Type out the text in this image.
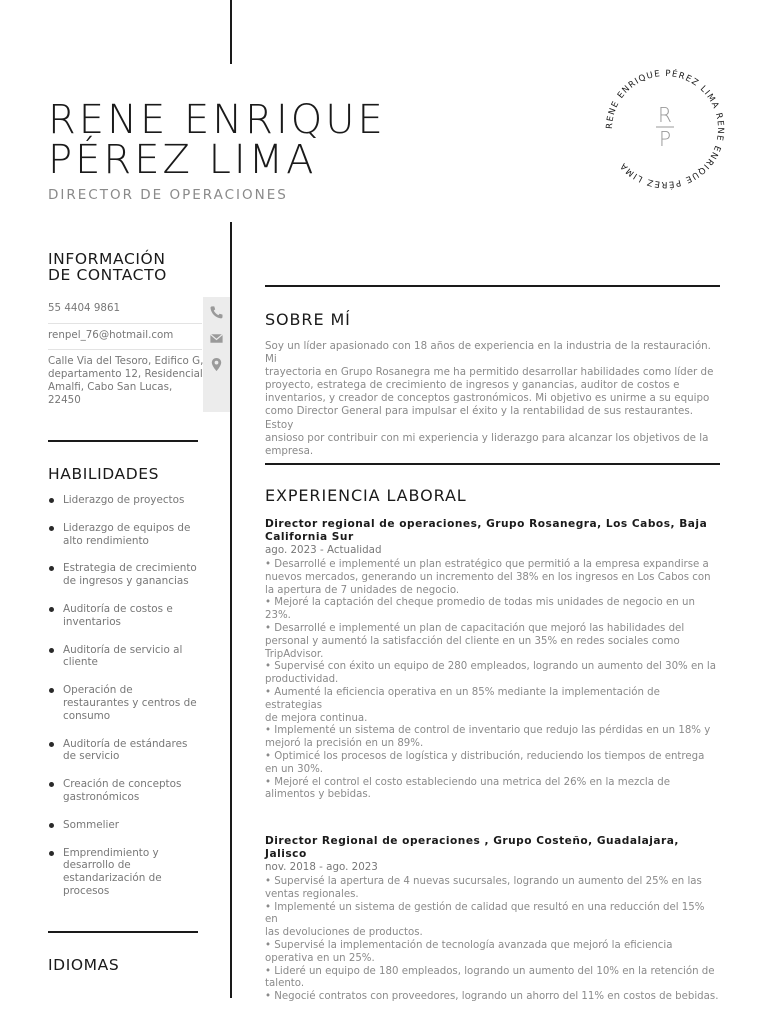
RENE ENRIQUE
PÉREZ LIMA
DIRECTOR DE OPERACIONES
RENE ENRIQUE PÉREZ LIMA RENE ENRIQUE PÉREZ LIMA
R
P
INFORMACIÓN
DE CONTACTO
55 4404 9861
renpel_76@hotmail.com
Calle Via del Tesoro, Edifico G,
departamento 12, Residencial
Amalfi, Cabo San Lucas,
22450
HABILIDADES
Liderazgo de proyectos
Liderazgo de equipos de
alto rendimiento
Estrategia de crecimiento
de ingresos y ganancias
Auditoría de costos e
inventarios
Auditoría de servicio al
cliente
Operación de
restaurantes y centros de
consumo
Auditoría de estándares
de servicio
Creación de conceptos
gastronómicos
Sommelier
Emprendimiento y
desarrollo de
estandarización de
procesos
IDIOMAS
SOBRE MÍ
Soy un líder apasionado con 18 años de experiencia en la industria de la restauración. Mi
trayectoria en Grupo Rosanegra me ha permitido desarrollar habilidades como líder de
proyecto, estratega de crecimiento de ingresos y ganancias, auditor de costos e
inventarios, y creador de conceptos gastronómicos. Mi objetivo es unirme a su equipo
como Director General para impulsar el éxito y la rentabilidad de sus restaurantes. Estoy
ansioso por contribuir con mi experiencia y liderazgo para alcanzar los objetivos de la
empresa.
EXPERIENCIA LABORAL
Director regional de operaciones, Grupo Rosanegra, Los Cabos, Baja
California Sur
ago. 2023 - Actualidad
• Desarrollé e implementé un plan estratégico que permitió a la empresa expandirse a
nuevos mercados, generando un incremento del 38% en los ingresos en Los Cabos con
la apertura de 7 unidades de negocio.
• Mejoré la captación del cheque promedio de todas mis unidades de negocio en un
23%.
• Desarrollé e implementé un plan de capacitación que mejoró las habilidades del
personal y aumentó la satisfacción del cliente en un 35% en redes sociales como
TripAdvisor.
• Supervisé con éxito un equipo de 280 empleados, logrando un aumento del 30% en la
productividad.
• Aumenté la eficiencia operativa en un 85% mediante la implementación de estrategias
de mejora continua.
• Implementé un sistema de control de inventario que redujo las pérdidas en un 18% y
mejoró la precisión en un 89%.
• Optimicé los procesos de logística y distribución, reduciendo los tiempos de entrega
en un 30%.
• Mejoré el control el costo estableciendo una metrica del 26% en la mezcla de
alimentos y bebidas.
Director Regional de operaciones , Grupo Costeño, Guadalajara, Jalisco
nov. 2018 - ago. 2023
• Supervisé la apertura de 4 nuevas sucursales, logrando un aumento del 25% en las
ventas regionales.
• Implementé un sistema de gestión de calidad que resultó en una reducción del 15% en
las devoluciones de productos.
• Supervisé la implementación de tecnología avanzada que mejoró la eficiencia
operativa en un 25%.
• Lideré un equipo de 180 empleados, logrando un aumento del 10% en la retención de
talento.
• Negocié contratos con proveedores, logrando un ahorro del 11% en costos de bebidas.
